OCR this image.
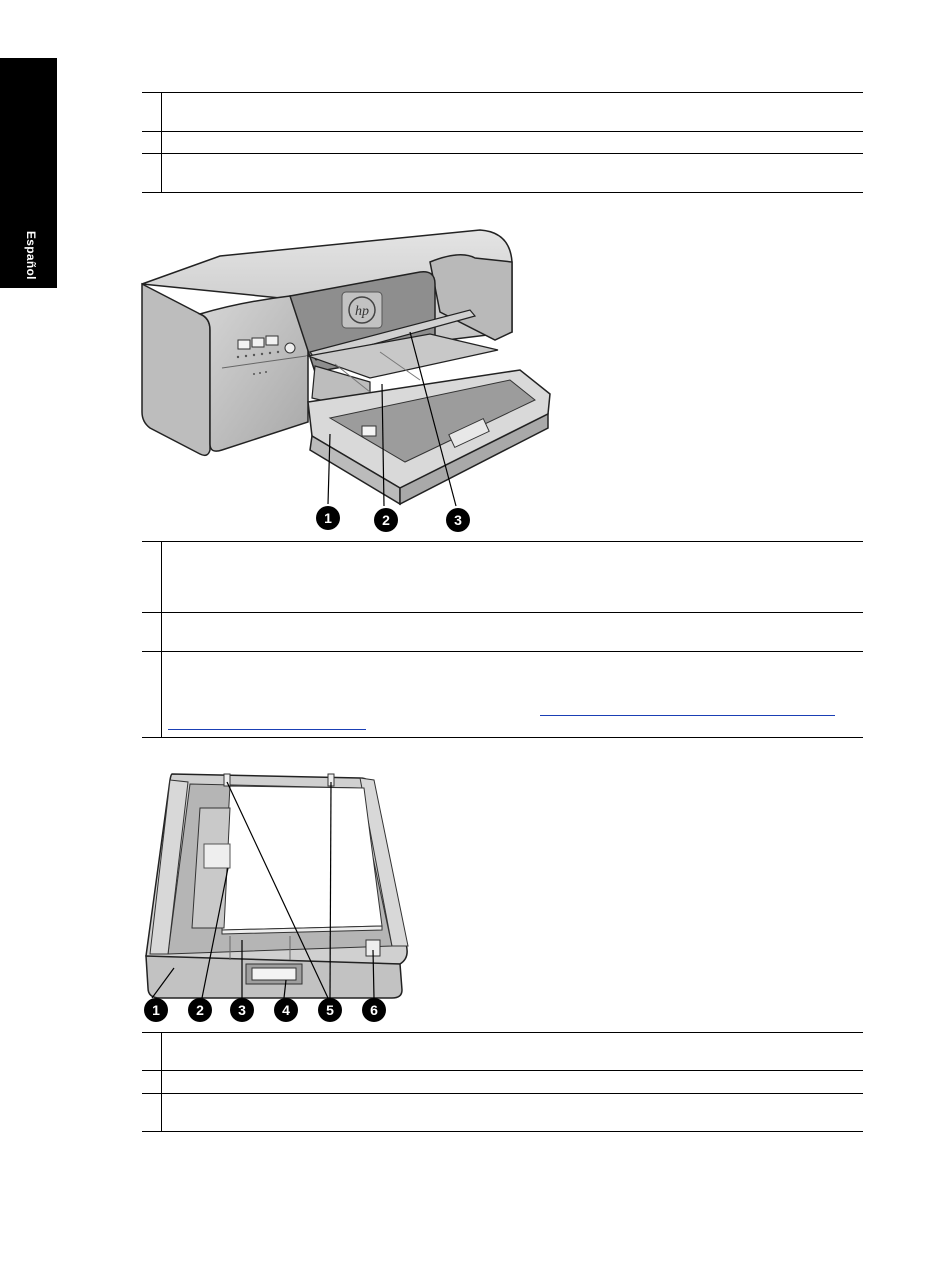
Español

hp
1	2	3

1	2 3	4	5	6
